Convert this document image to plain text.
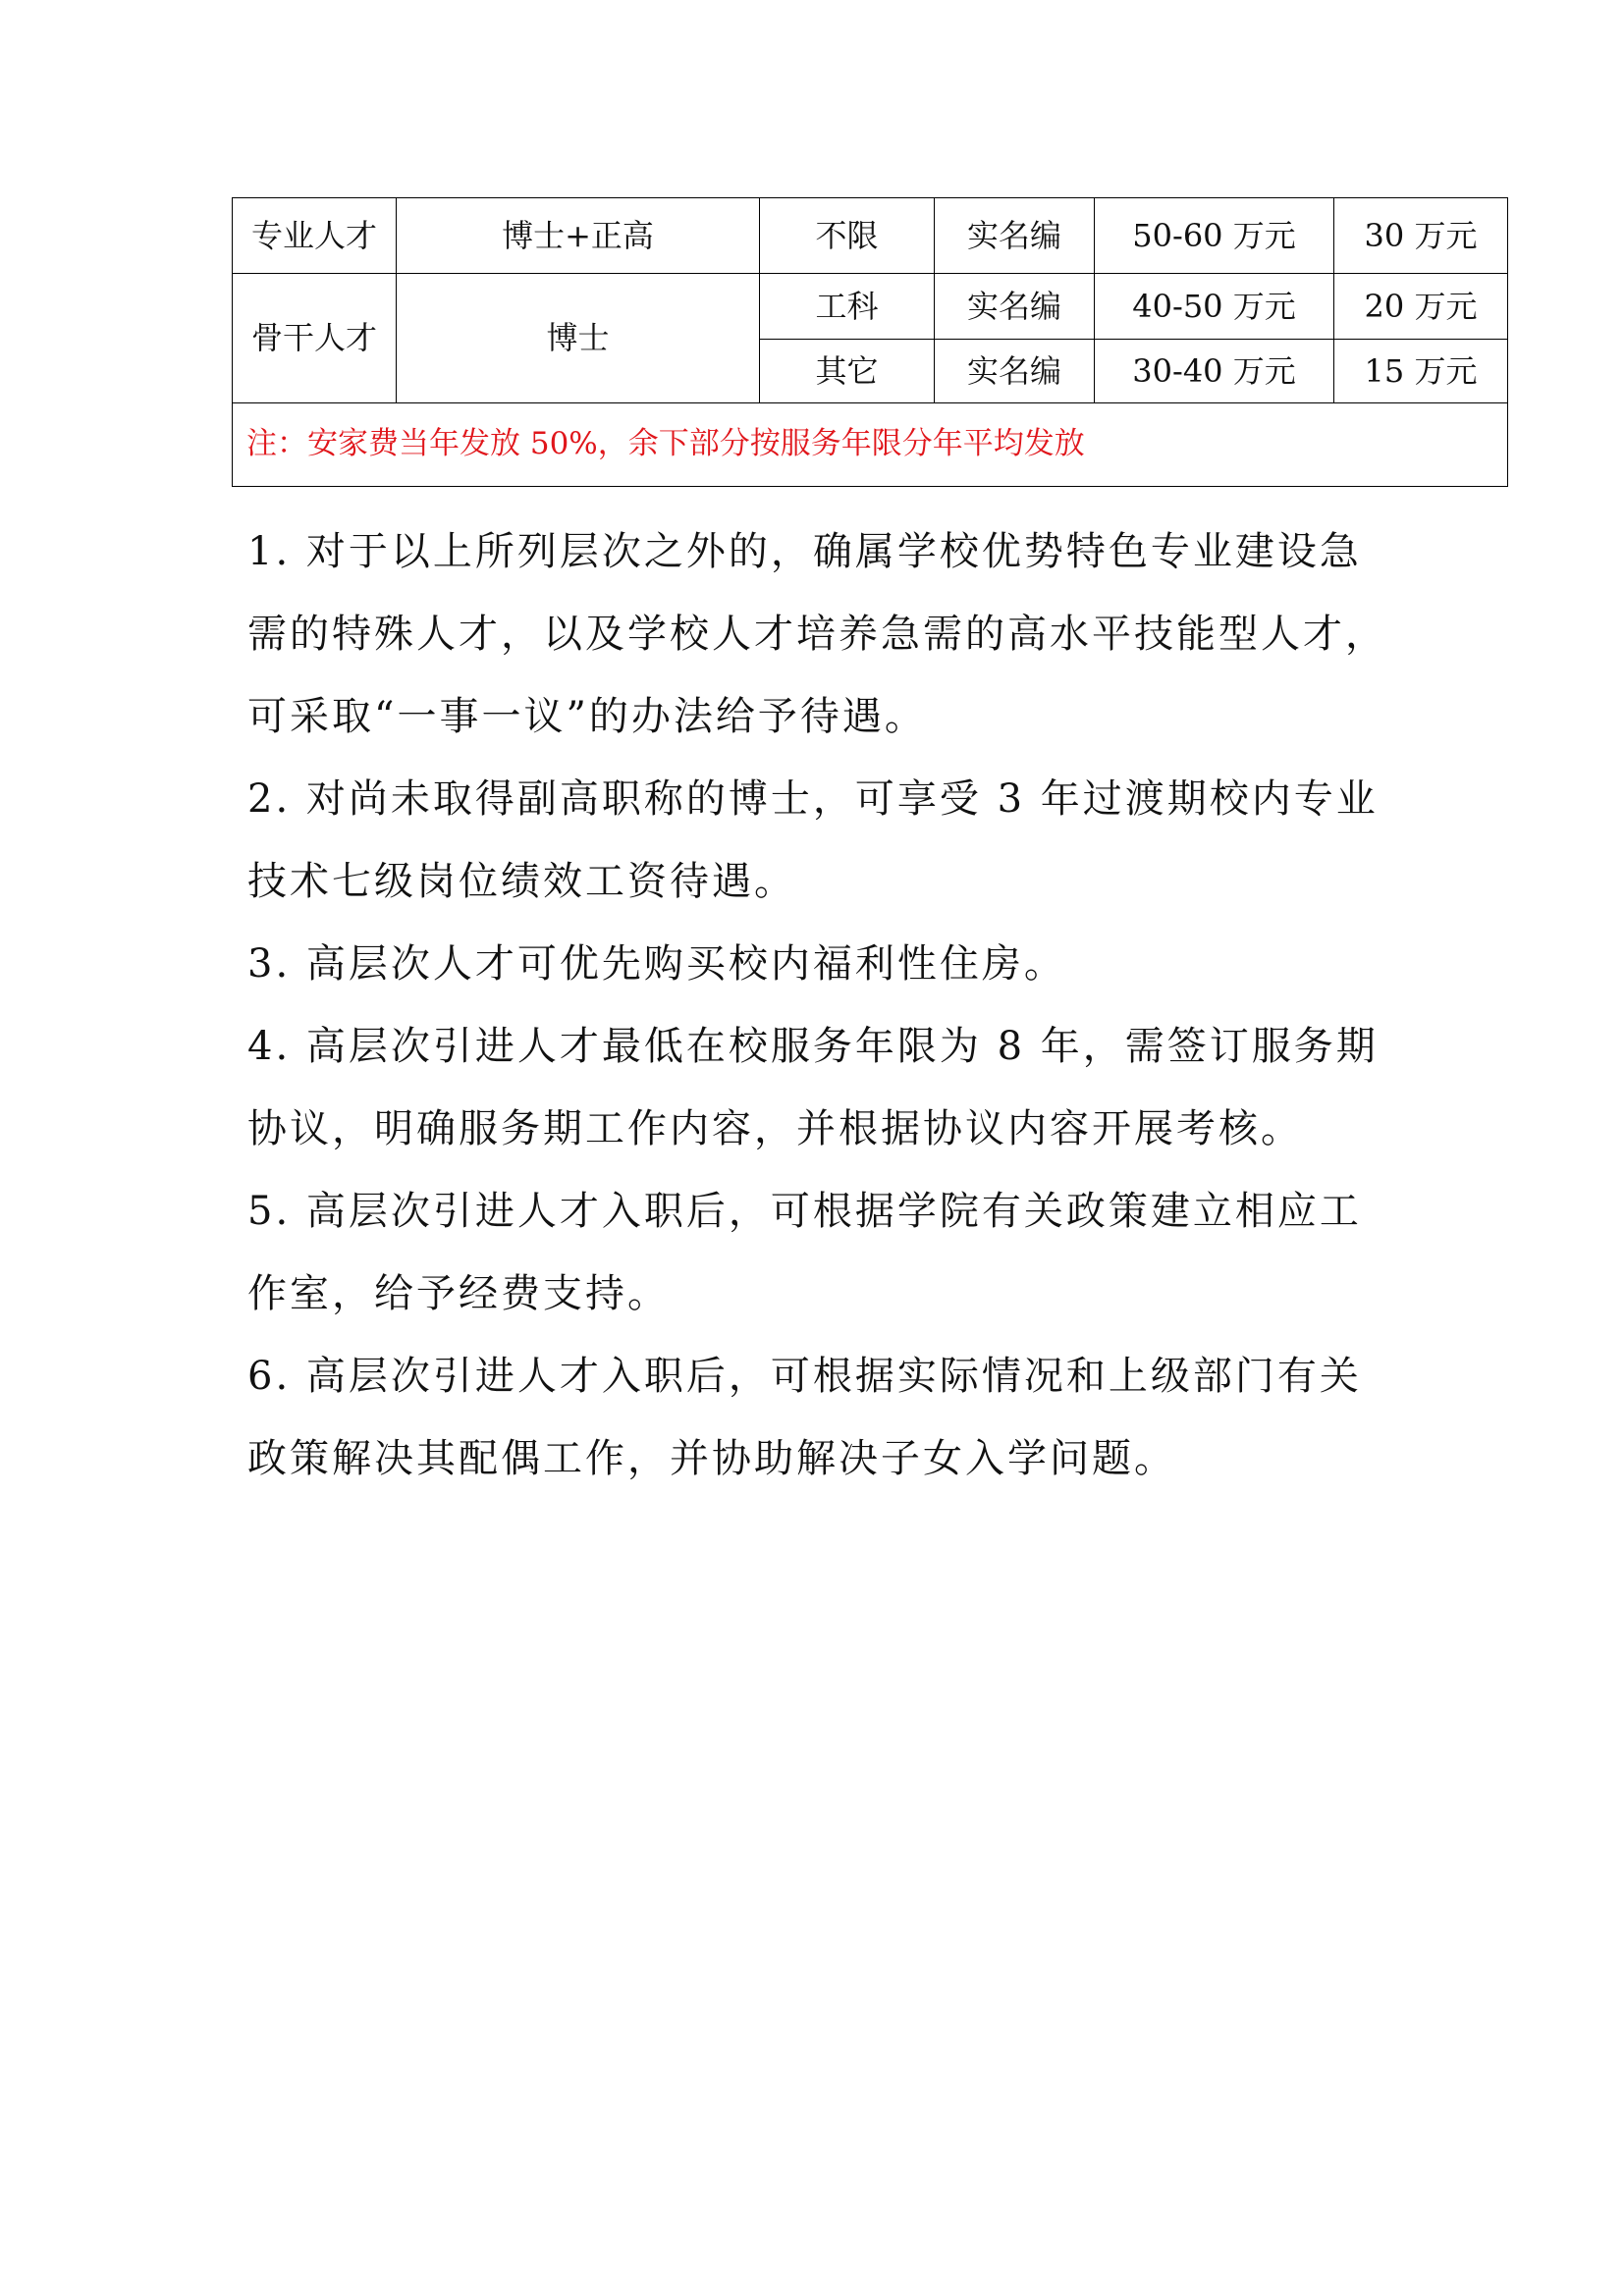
专业人才	博士+正高	不限	实名编	50-60 万元	30 万元
骨干人才	博士	工科	实名编	40-50 万元	20 万元
		其它	实名编	30-40 万元	15 万元
注：安家费当年发放 50%，余下部分按服务年限分年平均发放					

1. 对于以上所列层次之外的，确属学校优势特色专业建设急

需的特殊人才，以及学校人才培养急需的高水平技能型人才，

可采取“一事一议”的办法给予待遇。

2. 对尚未取得副高职称的博士，可享受 3 年过渡期校内专业

技术七级岗位绩效工资待遇。

3. 高层次人才可优先购买校内福利性住房。

4. 高层次引进人才最低在校服务年限为 8 年，需签订服务期

协议，明确服务期工作内容，并根据协议内容开展考核。

5. 高层次引进人才入职后，可根据学院有关政策建立相应工

作室，给予经费支持。

6. 高层次引进人才入职后，可根据实际情况和上级部门有关

政策解决其配偶工作，并协助解决子女入学问题。
